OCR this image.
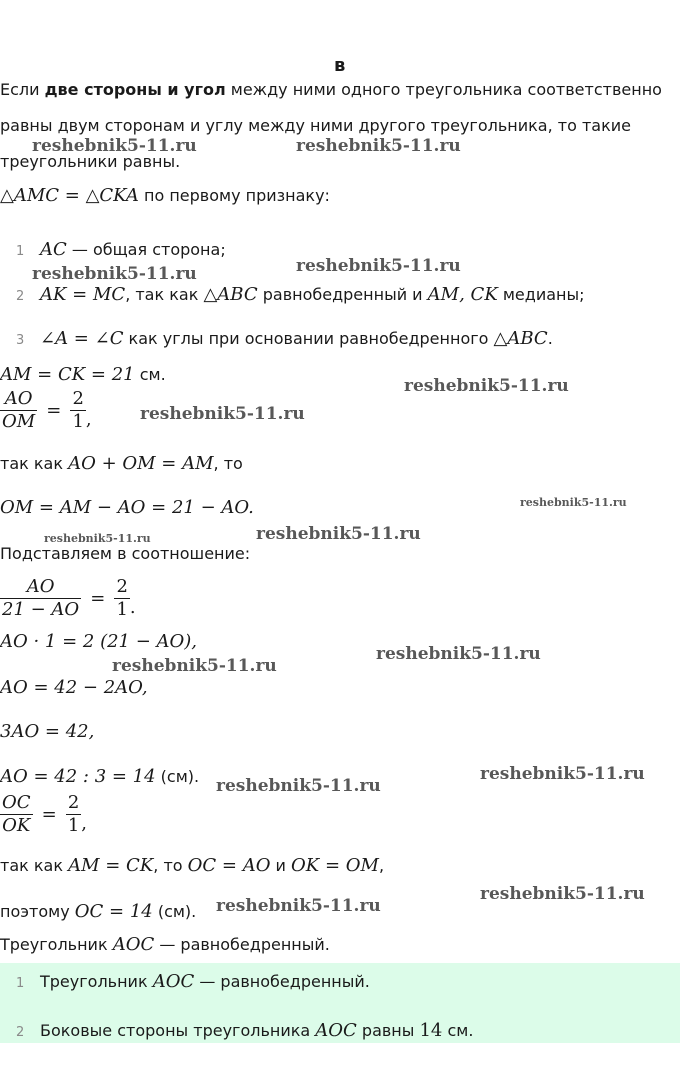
в
Если две стороны и угол между ними одного треугольника соответственно
равны двум сторонам и углу между ними другого треугольника, то такие
треугольники равны.
△AMC = △CKA по первому признаку:
1 AC — общая сторона;
2 AK = MC, так как △ABC равнобедренный и AM, CK медианы;
3 ∠A = ∠C как углы при основании равнобедренного △ABC.
AM = CK = 21 см.
$\frac{AO}{OM} = \frac{2}{1}$ ,
так как AO + OM = AM, то
OM = AM − AO = 21 − AO.
Подставляем в соотношение:
$\frac{AO}{21 - AO} = \frac{2}{1}$ .
AO · 1 = 2 (21 − AO),
AO = 42 − 2AO,
3AO = 42,
AO = 42 : 3 = 14 (см).
$\frac{OC}{OK} = \frac{2}{1}$ ,
так как AM = CK, то OC = AO и OK = OM,
поэтому OC = 14 (см).
Треугольник AOC — равнобедренный.
1 Треугольник AOC — равнобедренный.
2 Боковые стороны треугольника AOC равны 14 см.
reshebnik5-11.ru	reshebnik5-11.ru
reshebnik5-11.ru	reshebnik5-11.ru
reshebnik5-11.ru
reshebnik5-11.ru
reshebnik5-11.ru
reshebnik5-11.ru	reshebnik5-11.ru
reshebnik5-11.ru
reshebnik5-11.ru
reshebnik5-11.ru
reshebnik5-11.ru
reshebnik5-11.ru
reshebnik5-11.ru
